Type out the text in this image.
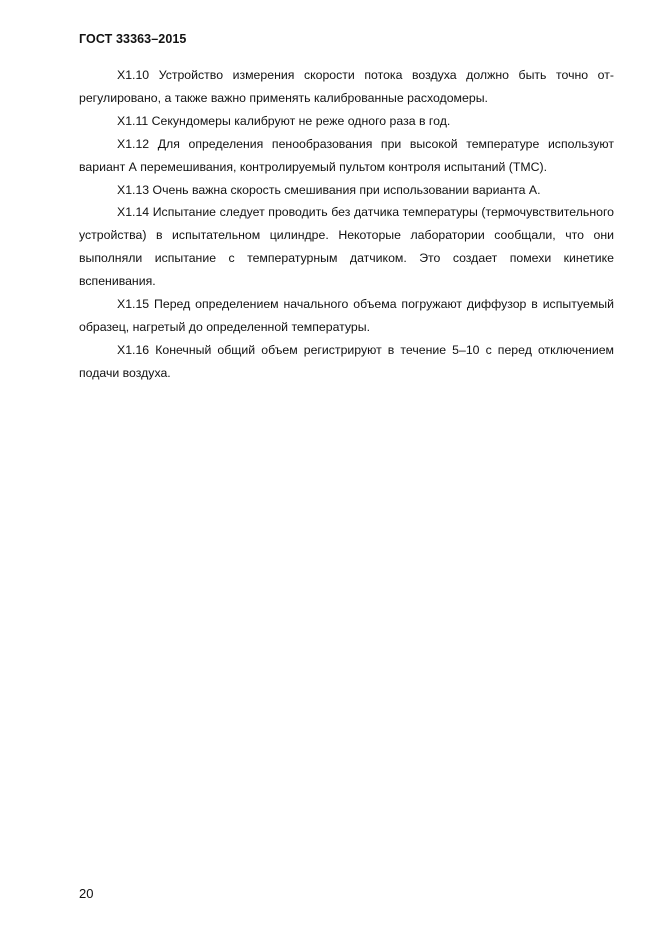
ГОСТ 33363–2015

X1.10 Устройство измерения скорости потока воздуха должно быть точно отрегулировано, а также важно применять калиброванные расходомеры.

X1.11 Секундомеры калибруют не реже одного раза в год.

X1.12 Для определения пенообразования при высокой температуре используют вариант А перемешивания, контролируемый пультом контроля испытаний (ТМС).

X1.13 Очень важна скорость смешивания при использовании варианта А.

X1.14 Испытание следует проводить без датчика температуры (термочувствительного устройства) в испытательном цилиндре. Некоторые лаборатории сообщали, что они выполняли испытание с температурным датчиком. Это создает помехи кинетике вспенивания.

X1.15 Перед определением начального объема погружают диффузор в испытуемый образец, нагретый до определенной температуры.

X1.16 Конечный общий объем регистрируют в течение 5–10 с перед отключением подачи воздуха.

20
